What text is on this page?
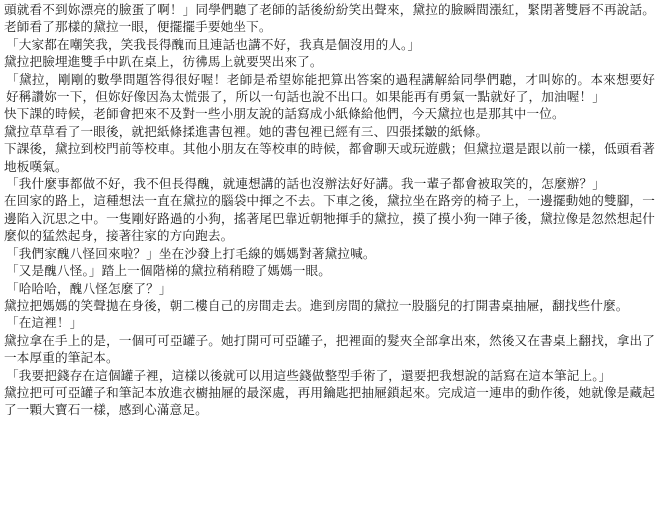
頭就看不到妳漂亮的臉蛋了啊！」同學們聽了老師的話後紛紛笑出聲來，黛拉的臉瞬間漲紅，緊閉著雙唇不再說話。老師看了那樣的黛拉一眼，便擺擺手要她坐下。

「大家都在嘲笑我，笑我長得醜而且連話也講不好，我真是個沒用的人。」

黛拉把臉埋進雙手中趴在桌上，彷彿馬上就要哭出來了。

「黛拉，剛剛的數學問題答得很好喔！老師是希望妳能把算出答案的過程講解給同學們聽，才叫妳的。本來想要好好稱讚妳一下，但妳好像因為太慌張了，所以一句話也說不出口。如果能再有勇氣一點就好了，加油喔！」

快下課的時候，老師會把來不及對一些小朋友說的話寫成小紙條給他們，今天黛拉也是那其中一位。

黛拉草草看了一眼後，就把紙條揉進書包裡。她的書包裡已經有三、四張揉皺的紙條。

下課後，黛拉到校門前等校車。其他小朋友在等校車的時候，都會聊天或玩遊戲；但黛拉還是跟以前一樣，低頭看著地板嘆氣。

「我什麼事都做不好，我不但長得醜，就連想講的話也沒辦法好好講。我一輩子都會被取笑的，怎麼辦？」

在回家的路上，這種想法一直在黛拉的腦袋中揮之不去。下車之後，黛拉坐在路旁的椅子上，一邊擺動她的雙腳，一邊陷入沉思之中。一隻剛好路過的小狗，搖著尾巴靠近朝牠揮手的黛拉，摸了摸小狗一陣子後，黛拉像是忽然想起什麼似的猛然起身，接著往家的方向跑去。

「我們家醜八怪回來啦？」坐在沙發上打毛線的媽媽對著黛拉喊。

「又是醜八怪。」踏上一個階梯的黛拉稍稍瞪了媽媽一眼。

「哈哈哈，醜八怪怎麼了？」

黛拉把媽媽的笑聲拋在身後，朝二樓自己的房間走去。進到房間的黛拉一股腦兒的打開書桌抽屜，翻找些什麼。

「在這裡！」

黛拉拿在手上的是，一個可可亞罐子。她打開可可亞罐子，把裡面的髮夾全部拿出來，然後又在書桌上翻找，拿出了一本厚重的筆記本。

「我要把錢存在這個罐子裡，這樣以後就可以用這些錢做整型手術了，還要把我想說的話寫在這本筆記上。」

黛拉把可可亞罐子和筆記本放進衣櫥抽屜的最深處，再用鑰匙把抽屜鎖起來。完成這一連串的動作後，她就像是藏起了一顆大寶石一樣，感到心滿意足。
